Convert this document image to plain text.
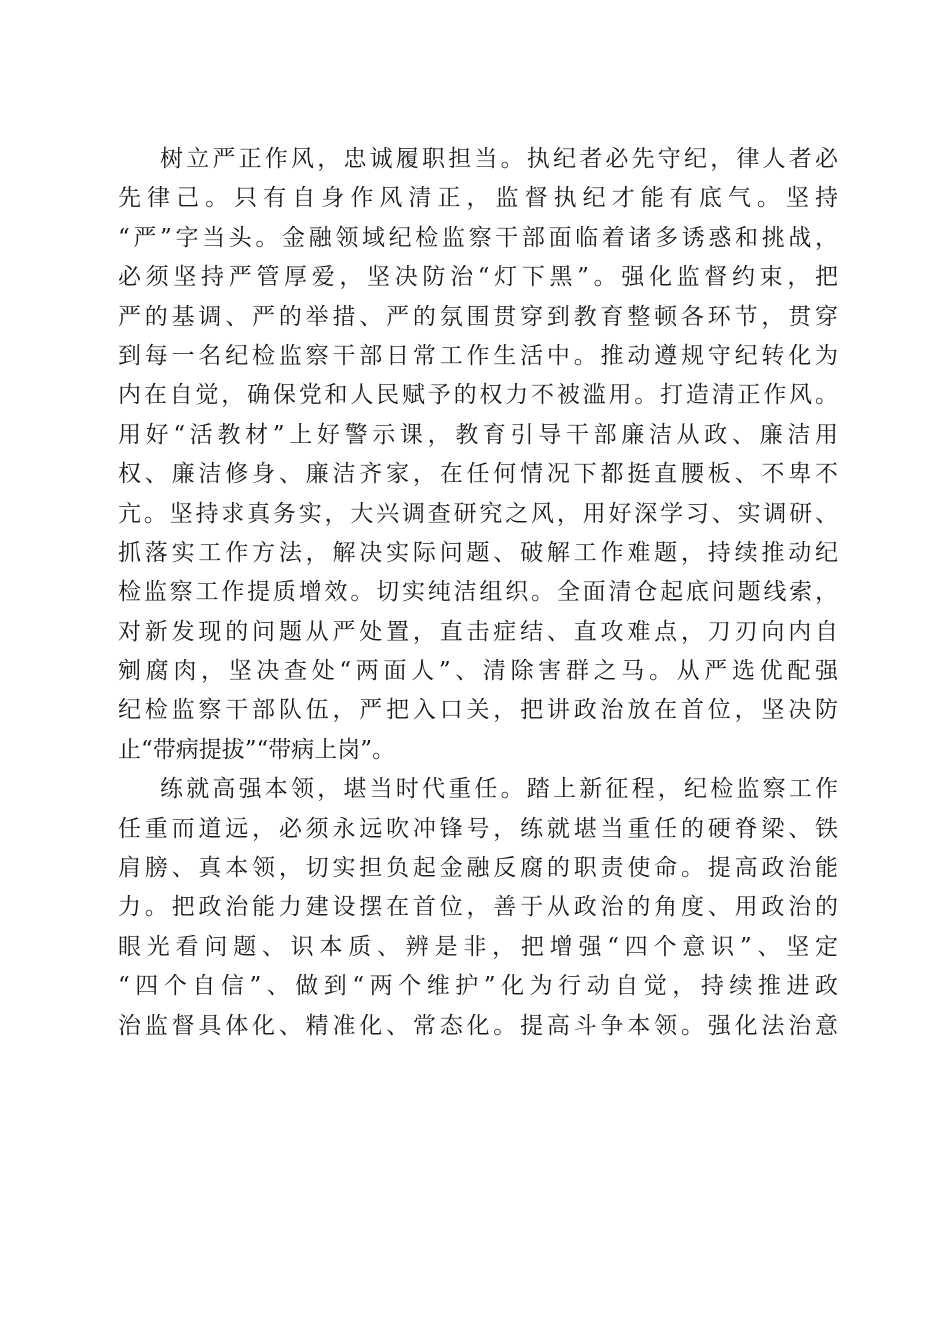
树立严正作风，忠诚履职担当。执纪者必先守纪，律人者必
先律己。只有自身作风清正，监督执纪才能有底气。坚持
“严”字当头。金融领域纪检监察干部面临着诸多诱惑和挑战，
必须坚持严管厚爱，坚决防治“灯下黑”。强化监督约束，把
严的基调、严的举措、严的氛围贯穿到教育整顿各环节，贯穿
到每一名纪检监察干部日常工作生活中。推动遵规守纪转化为
内在自觉，确保党和人民赋予的权力不被滥用。打造清正作风。
用好“活教材”上好警示课，教育引导干部廉洁从政、廉洁用
权、廉洁修身、廉洁齐家，在任何情况下都挺直腰板、不卑不
亢。坚持求真务实，大兴调查研究之风，用好深学习、实调研、
抓落实工作方法，解决实际问题、破解工作难题，持续推动纪
检监察工作提质增效。切实纯洁组织。全面清仓起底问题线索，
对新发现的问题从严处置，直击症结、直攻难点，刀刃向内自
剜腐肉，坚决查处“两面人”、清除害群之马。从严选优配强
纪检监察干部队伍，严把入口关，把讲政治放在首位，坚决防
止“带病提拔”“带病上岗”。
练就高强本领，堪当时代重任。踏上新征程，纪检监察工作
任重而道远，必须永远吹冲锋号，练就堪当重任的硬脊梁、铁
肩膀、真本领，切实担负起金融反腐的职责使命。提高政治能
力。把政治能力建设摆在首位，善于从政治的角度、用政治的
眼光看问题、识本质、辨是非，把增强“四个意识”、坚定
“四个自信”、做到“两个维护”化为行动自觉，持续推进政
治监督具体化、精准化、常态化。提高斗争本领。强化法治意
